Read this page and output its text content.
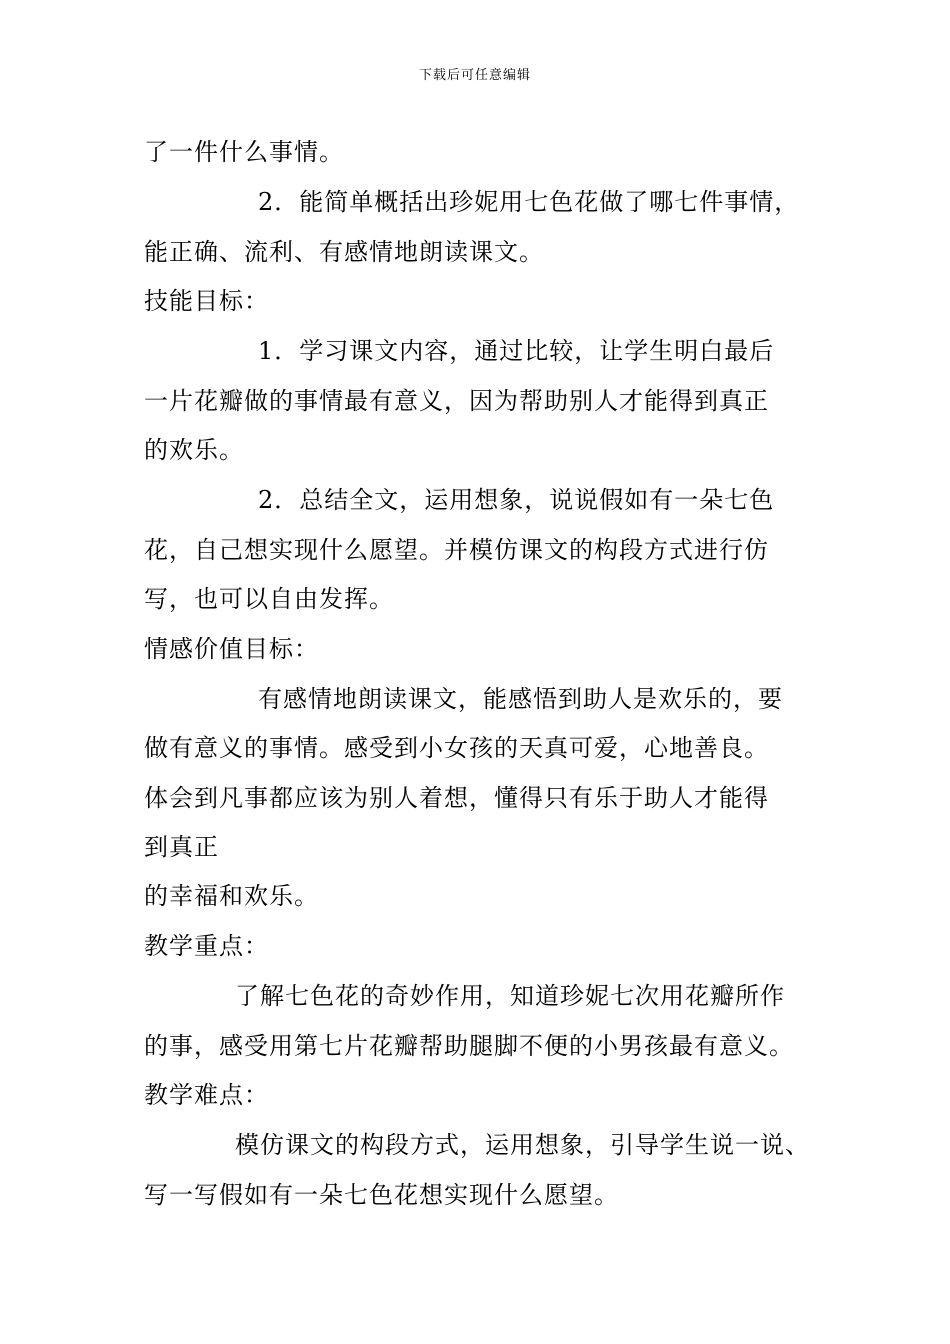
下载后可任意编辑
了一件什么事情。
2．能简单概括出珍妮用七色花做了哪七件事情，
能正确、流利、有感情地朗读课文。
技能目标：
1．学习课文内容，通过比较，让学生明白最后
一片花瓣做的事情最有意义，因为帮助别人才能得到真正
的欢乐。
2．总结全文，运用想象，说说假如有一朵七色
花，自己想实现什么愿望。并模仿课文的构段方式进行仿
写，也可以自由发挥。
情感价值目标：
有感情地朗读课文，能感悟到助人是欢乐的，要
做有意义的事情。感受到小女孩的天真可爱，心地善良。
体会到凡事都应该为别人着想，懂得只有乐于助人才能得
到真正
的幸福和欢乐。
教学重点：
了解七色花的奇妙作用，知道珍妮七次用花瓣所作
的事，感受用第七片花瓣帮助腿脚不便的小男孩最有意义。
教学难点：
模仿课文的构段方式，运用想象，引导学生说一说、
写一写假如有一朵七色花想实现什么愿望。
